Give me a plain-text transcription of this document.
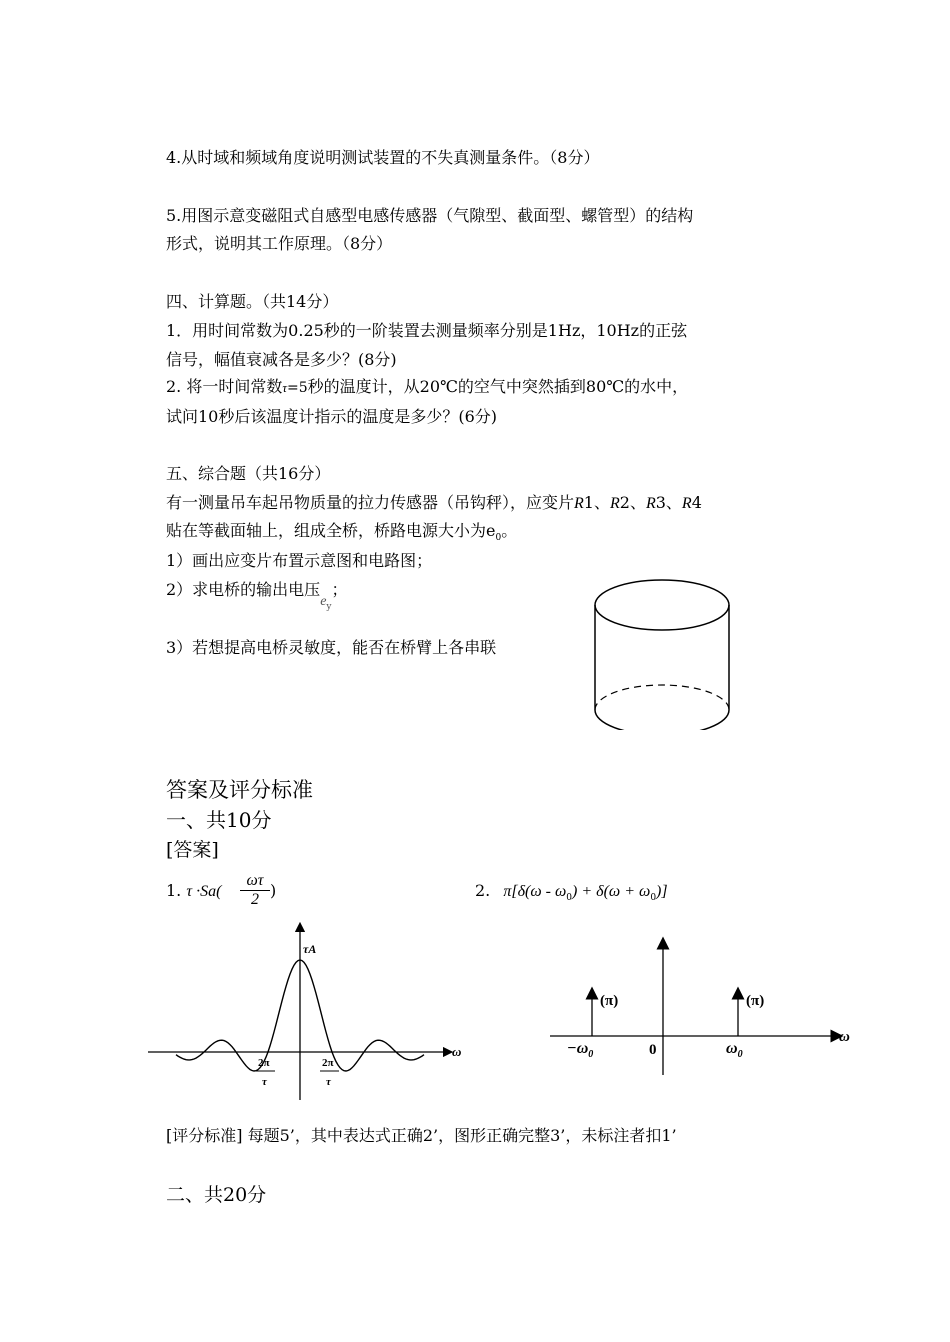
4.从时域和频域角度说明测试装置的不失真测量条件。（8分）
5.用图示意变磁阻式自感型电感传感器（气隙型、截面型、螺管型）的结构
形式，说明其工作原理。（8分）
四、计算题。（共14分）
1．用时间常数为0.25秒的一阶装置去测量频率分别是1Hz，10Hz的正弦
信号，幅值衰减各是多少？(8分)
2. 将一时间常数τ=5秒的温度计，从20℃的空气中突然插到80℃的水中，
试问10秒后该温度计指示的温度是多少？(6分)
五、综合题（共16分）
有一测量吊车起吊物质量的拉力传感器（吊钩秤），应变片R1、R2、R3、R4
贴在等截面轴上，组成全桥，桥路电源大小为$e_0$。
1）画出应变片布置示意图和电路图；
2）求电桥的输出电压$e_y$；
3）若想提高电桥灵敏度，能否在桥臂上各串联
答案及评分标准
一、共10分
[答案]
1. τ ·Sa(
ωτ
2 )	2. $\pi[\delta(\omega - \omega_0) + \delta(\omega + \omega_0)]$
τA
2π
τ
2π
τ
ω
(π)	(π)
$-\omega_0$	0	$\omega_0$
ω
[评分标准] 每题5’，其中表达式正确2’，图形正确完整3’，未标注者扣1’
二、共20分
